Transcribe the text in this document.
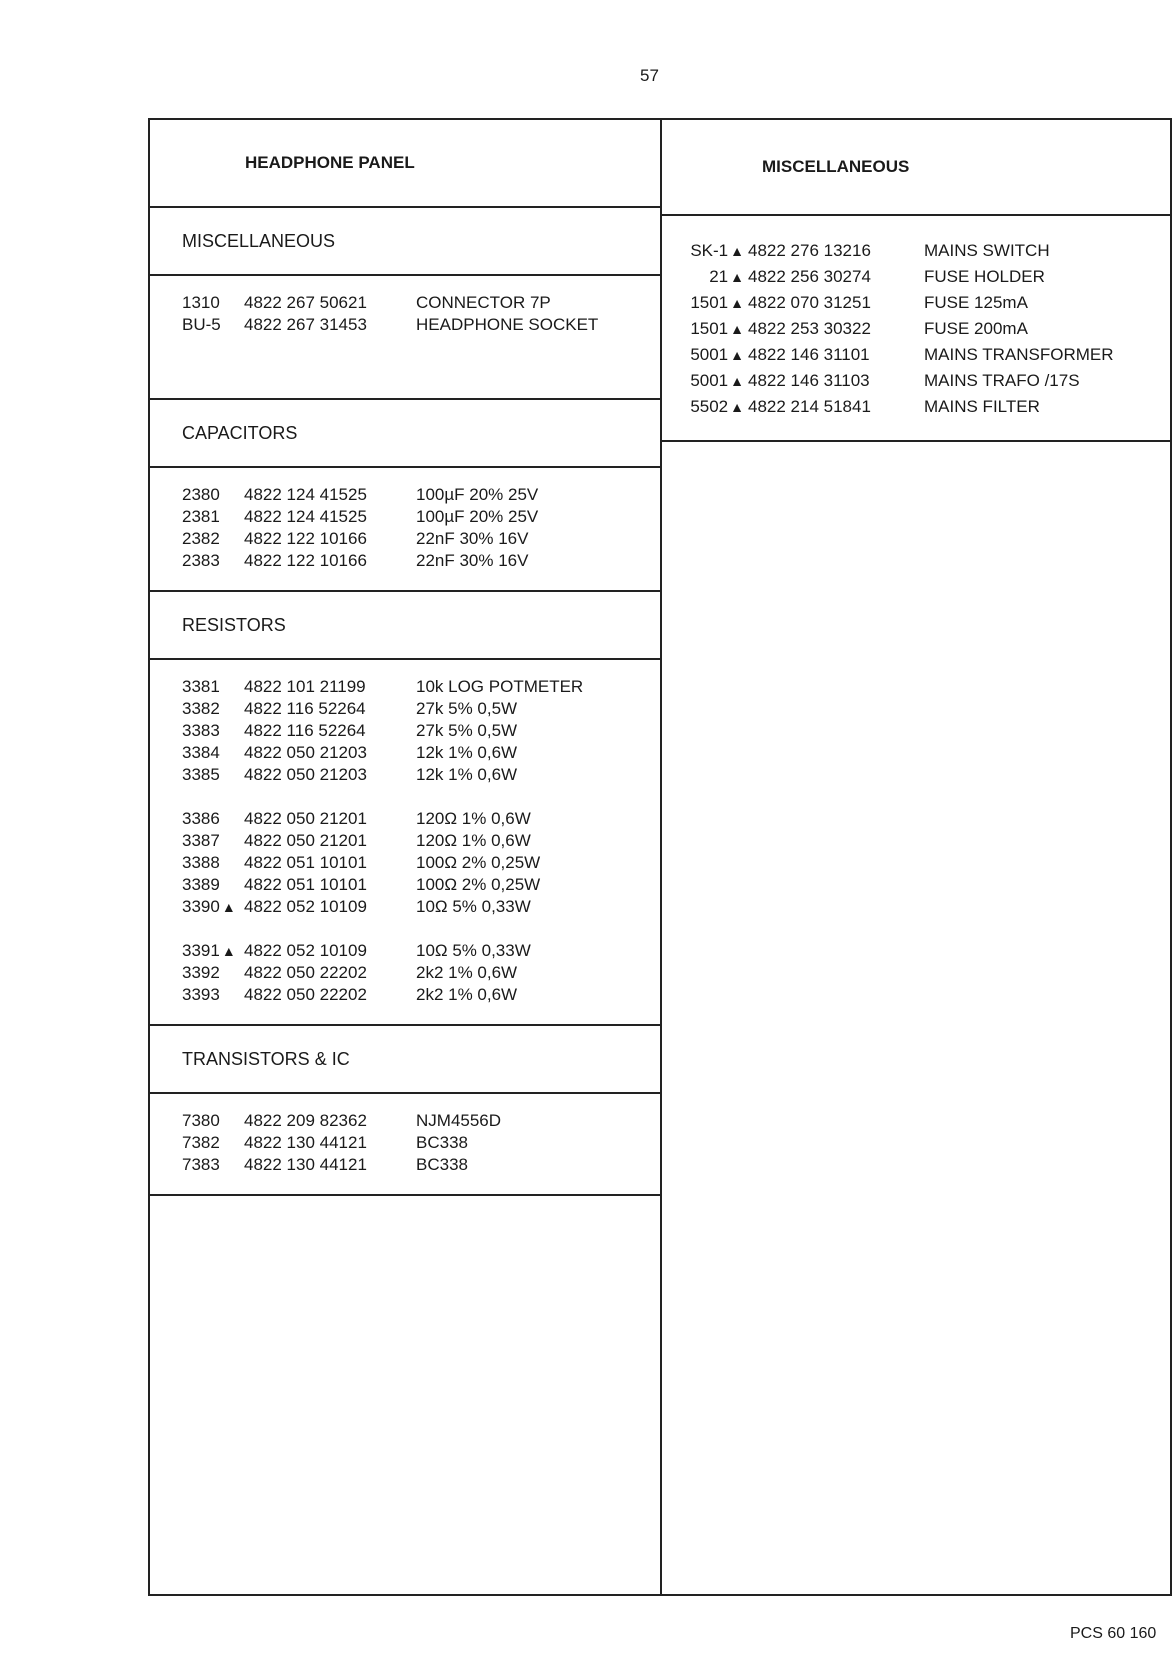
57
HEADPHONE PANEL
MISCELLANEOUS
1310	4822 267 50621	CONNECTOR 7P
BU-5	4822 267 31453	HEADPHONE SOCKET
CAPACITORS
2380	4822 124 41525	100µF 20% 25V
2381	4822 124 41525	100µF 20% 25V
2382	4822 122 10166	22nF 30% 16V
2383	4822 122 10166	22nF 30% 16V
RESISTORS
3381	4822 101 21199	10k LOG POTMETER
3382	4822 116 52264	27k 5% 0,5W
3383	4822 116 52264	27k 5% 0,5W
3384	4822 050 21203	12k 1% 0,6W
3385	4822 050 21203	12k 1% 0,6W
3386	4822 050 21201	120Ω 1% 0,6W
3387	4822 050 21201	120Ω 1% 0,6W
3388	4822 051 10101	100Ω 2% 0,25W
3389	4822 051 10101	100Ω 2% 0,25W
3390 ▲ 4822 052 10109	10Ω 5% 0,33W
3391 ▲ 4822 052 10109	10Ω 5% 0,33W
3392	4822 050 22202	2k2 1% 0,6W
3393	4822 050 22202	2k2 1% 0,6W
TRANSISTORS & IC
7380	4822 209 82362	NJM4556D
7382	4822 130 44121	BC338
7383	4822 130 44121	BC338
MISCELLANEOUS
SK-1 ▲ 4822 276 13216	MAINS SWITCH
21 ▲ 4822 256 30274	FUSE HOLDER
1501 ▲ 4822 070 31251	FUSE 125mA
1501 ▲ 4822 253 30322	FUSE 200mA
5001 ▲ 4822 146 31101	MAINS TRANSFORMER
5001 ▲ 4822 146 31103	MAINS TRAFO /17S
5502 ▲ 4822 214 51841	MAINS FILTER
PCS 60 160
